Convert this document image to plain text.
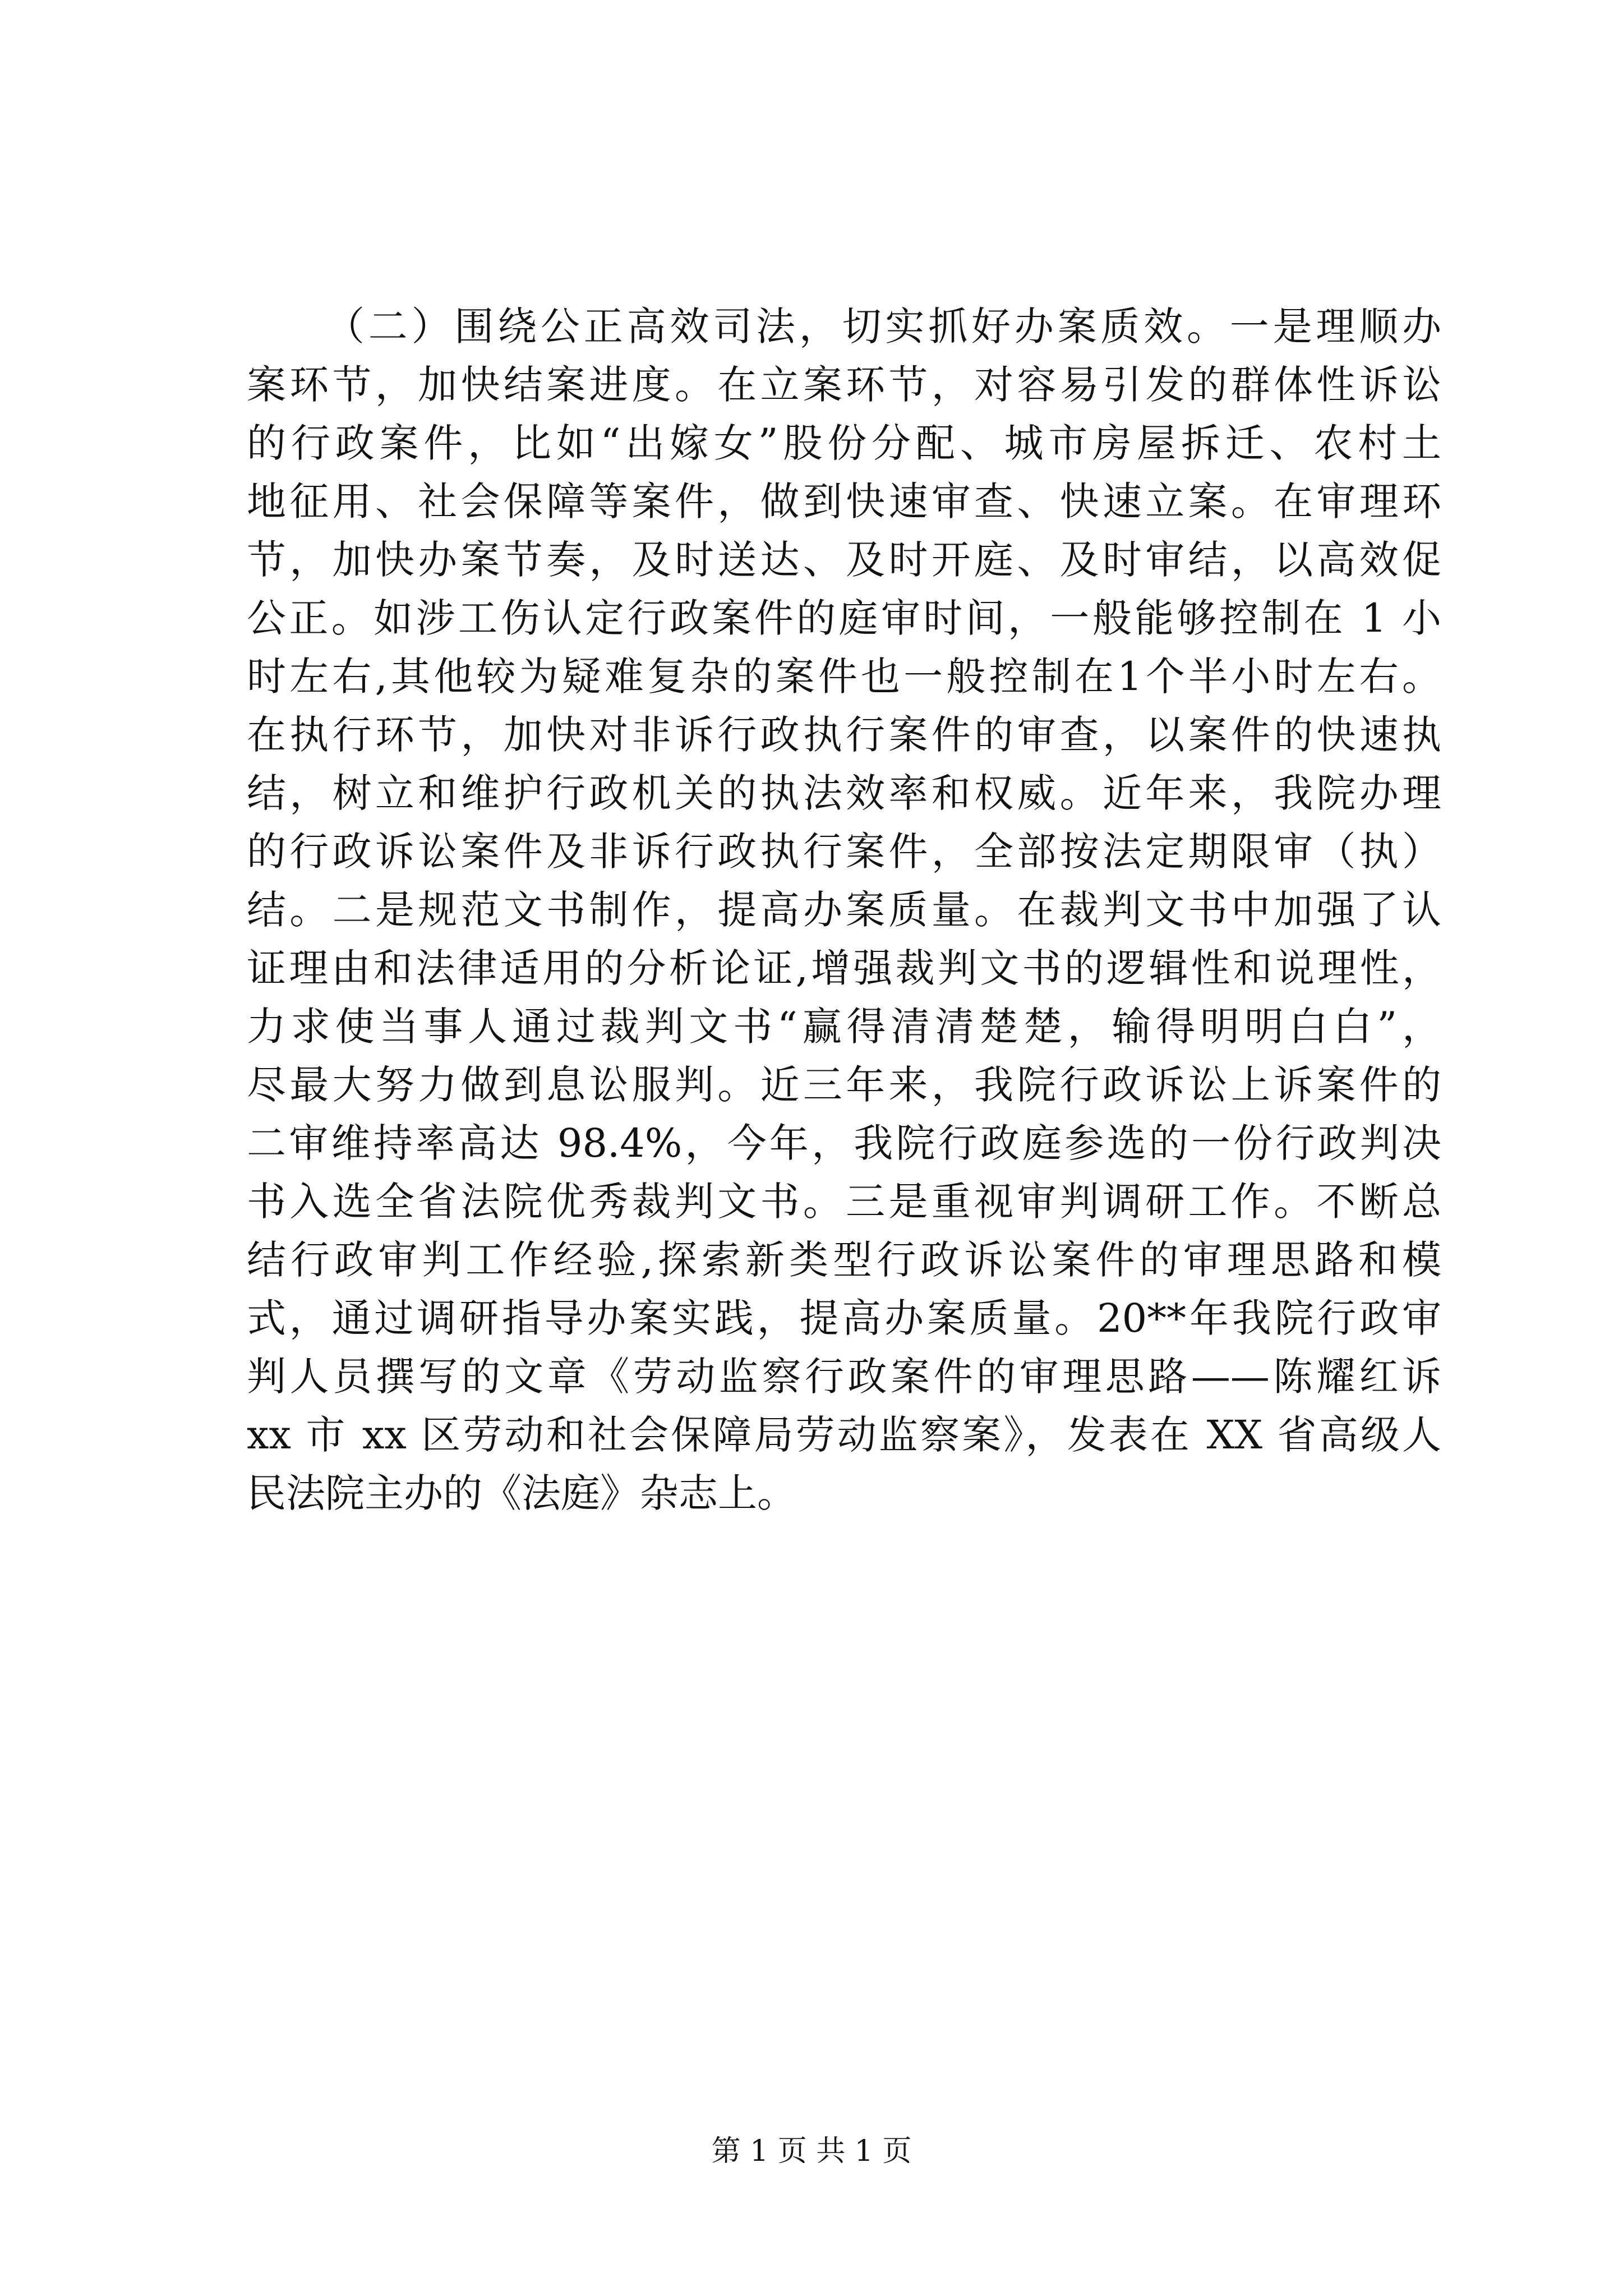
（二）围绕公正高效司法，切实抓好办案质效。一是理顺办
案环节，加快结案进度。在立案环节，对容易引发的群体性诉讼
的行政案件，比如“出嫁女”股份分配、城市房屋拆迁、农村土
地征用、社会保障等案件，做到快速审查、快速立案。在审理环
节，加快办案节奏，及时送达、及时开庭、及时审结，以高效促
公正。如涉工伤认定行政案件的庭审时间，一般能够控制在 1 小
时左右,其他较为疑难复杂的案件也一般控制在1个半小时左右。
在执行环节，加快对非诉行政执行案件的审查，以案件的快速执
结，树立和维护行政机关的执法效率和权威。近年来，我院办理
的行政诉讼案件及非诉行政执行案件，全部按法定期限审（执）
结。二是规范文书制作，提高办案质量。在裁判文书中加强了认
证理由和法律适用的分析论证,增强裁判文书的逻辑性和说理性，
力求使当事人通过裁判文书“赢得清清楚楚，输得明明白白”，
尽最大努力做到息讼服判。近三年来，我院行政诉讼上诉案件的
二审维持率高达 98.4%，今年，我院行政庭参选的一份行政判决
书入选全省法院优秀裁判文书。三是重视审判调研工作。不断总
结行政审判工作经验,探索新类型行政诉讼案件的审理思路和模
式，通过调研指导办案实践，提高办案质量。20**年我院行政审
判人员撰写的文章《劳动监察行政案件的审理思路——陈耀红诉
xx 市 xx 区劳动和社会保障局劳动监察案》，发表在 XX 省高级人
民法院主办的《法庭》杂志上。
第 1 页 共 1 页
